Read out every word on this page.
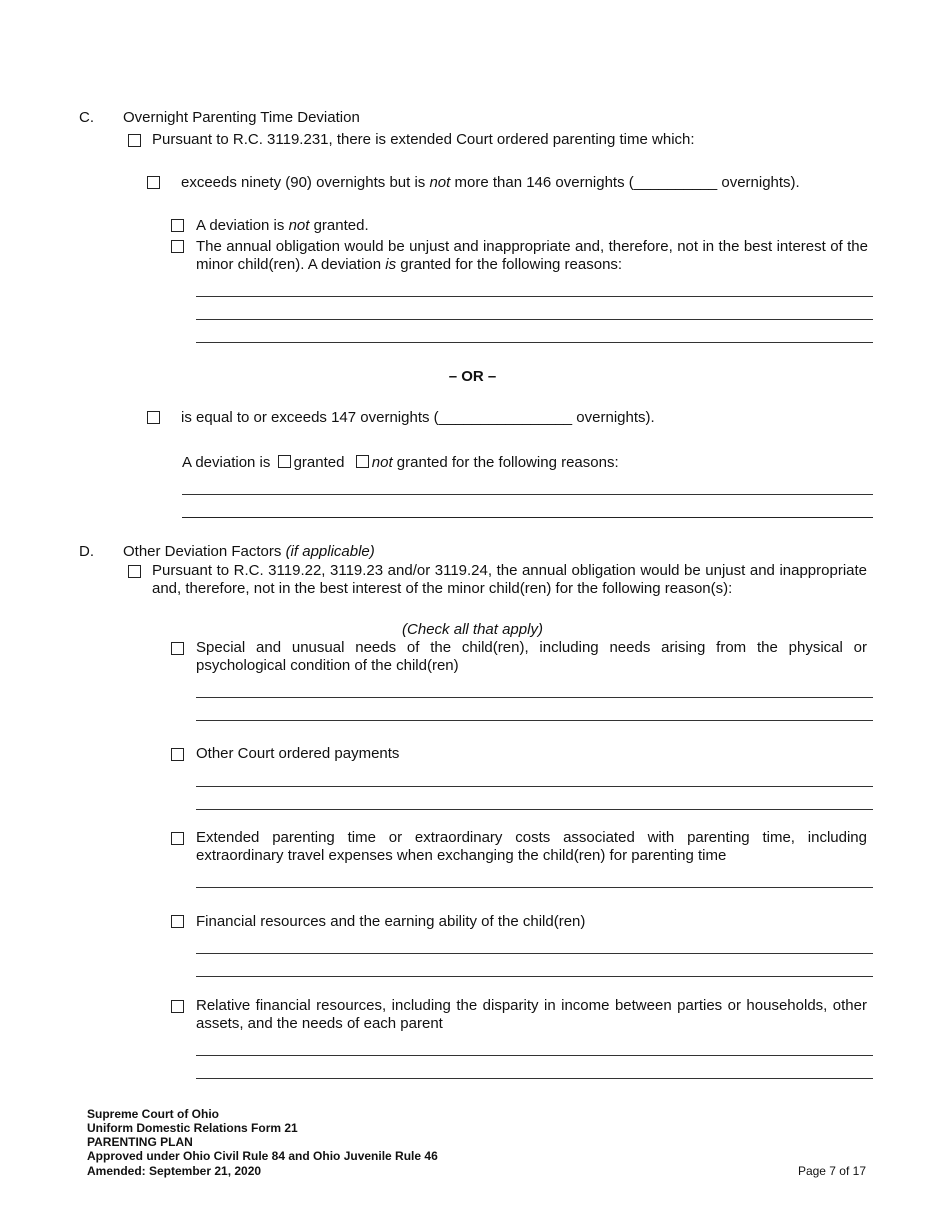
C. Overnight Parenting Time Deviation
Pursuant to R.C. 3119.231, there is extended Court ordered parenting time which:
exceeds ninety (90) overnights but is not more than 146 overnights (__________ overnights).
A deviation is not granted.
The annual obligation would be unjust and inappropriate and, therefore, not in the best interest of the minor child(ren). A deviation is granted for the following reasons:
– OR –
is equal to or exceeds 147 overnights (________________ overnights).
A deviation is granted not granted for the following reasons:
D. Other Deviation Factors (if applicable)
Pursuant to R.C. 3119.22, 3119.23 and/or 3119.24, the annual obligation would be unjust and inappropriate and, therefore, not in the best interest of the minor child(ren) for the following reason(s):
(Check all that apply)
Special and unusual needs of the child(ren), including needs arising from the physical or psychological condition of the child(ren)
Other Court ordered payments
Extended parenting time or extraordinary costs associated with parenting time, including extraordinary travel expenses when exchanging the child(ren) for parenting time
Financial resources and the earning ability of the child(ren)
Relative financial resources, including the disparity in income between parties or households, other assets, and the needs of each parent
Supreme Court of Ohio
Uniform Domestic Relations Form 21
PARENTING PLAN
Approved under Ohio Civil Rule 84 and Ohio Juvenile Rule 46
Amended: September 21, 2020	Page 7 of 17
